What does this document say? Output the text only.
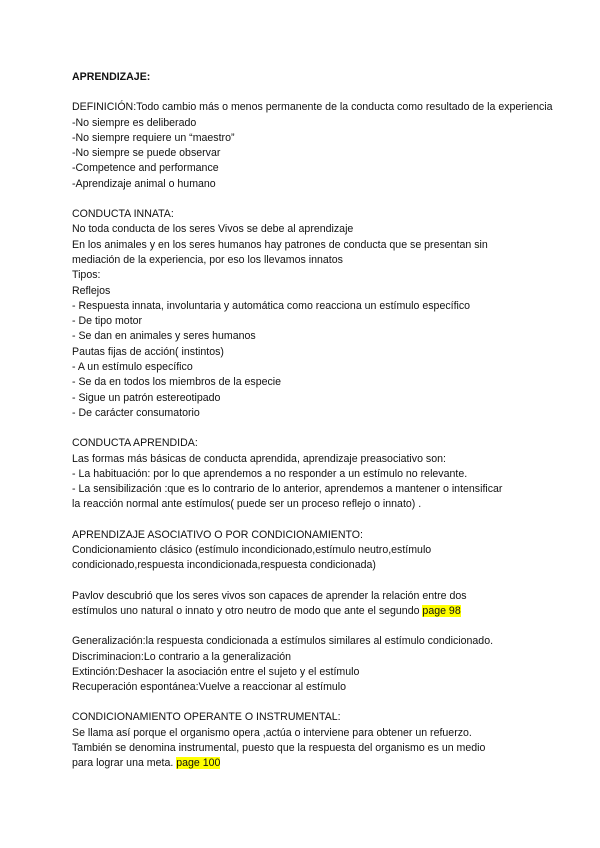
APRENDIZAJE:
DEFINICIÓN:Todo cambio más o menos permanente de la conducta como resultado de la experiencia
-No siempre es deliberado
-No siempre requiere un “maestro”
-No siempre se puede observar
-Competence and performance
-Aprendizaje animal o humano
CONDUCTA INNATA:
No toda conducta de los seres Vivos se debe al aprendizaje
En los animales y en los seres humanos hay patrones de conducta que se presentan sin
mediación de la experiencia, por eso los llevamos innatos
Tipos:
Reflejos
- Respuesta innata, involuntaria y automática como reacciona un estímulo específico
- De tipo motor
- Se dan en animales y seres humanos
Pautas fijas de acción( instintos)
- A un estímulo específico
- Se da en todos los miembros de la especie
- Sigue un patrón estereotipado
- De carácter consumatorio
CONDUCTA APRENDIDA:
Las formas más básicas de conducta aprendida, aprendizaje preasociativo son:
- La habituación: por lo que aprendemos a no responder a un estímulo no relevante.
- La sensibilización :que es lo contrario de lo anterior, aprendemos a mantener o intensificar
la reacción normal ante estímulos( puede ser un proceso reflejo o innato) .
APRENDIZAJE ASOCIATIVO O POR CONDICIONAMIENTO:
Condicionamiento clásico (estímulo incondicionado,estímulo neutro,estímulo
condicionado,respuesta incondicionada,respuesta condicionada)
Pavlov descubrió que los seres vivos son capaces de aprender la relación entre dos
estímulos uno natural o innato y otro neutro de modo que ante el segundo page 98
Generalización:la respuesta condicionada a estímulos similares al estímulo condicionado.
Discriminacion:Lo contrario a la generalización
Extinción:Deshacer la asociación entre el sujeto y el estímulo
Recuperación espontánea:Vuelve a reaccionar al estímulo
CONDICIONAMIENTO OPERANTE O INSTRUMENTAL:
Se llama así porque el organismo opera ,actúa o interviene para obtener un refuerzo.
También se denomina instrumental, puesto que la respuesta del organismo es un medio
para lograr una meta. page 100
